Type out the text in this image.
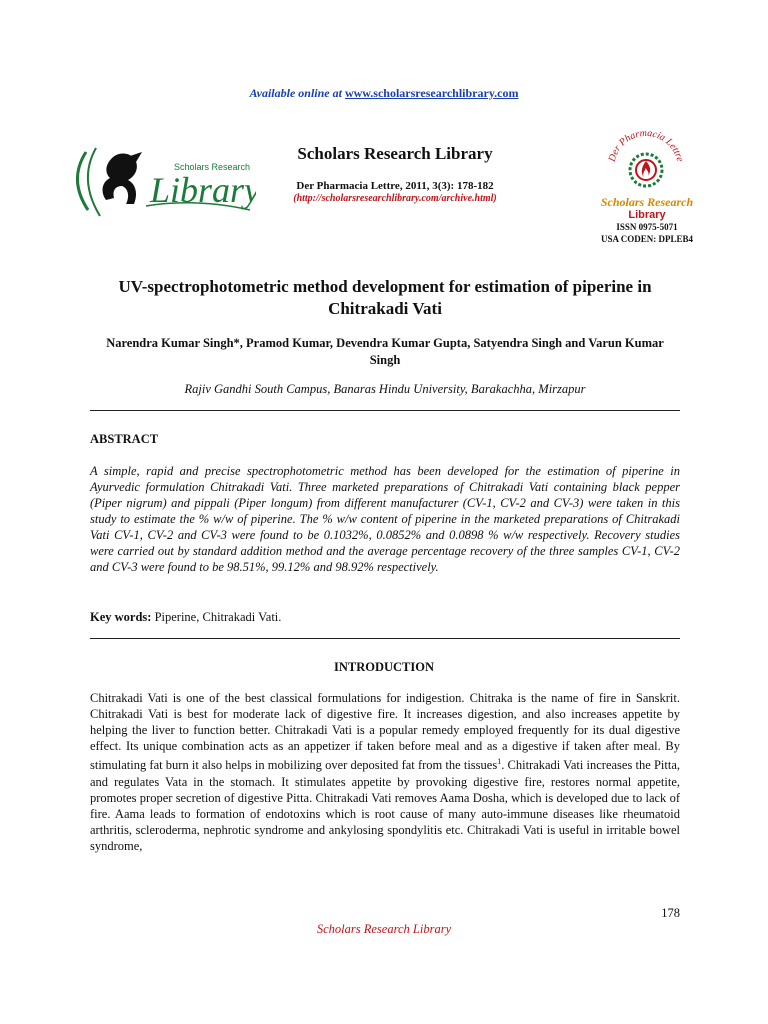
Available online at www.scholarsresearchlibrary.com
Scholars Research
Library
Scholars Research Library
Der Pharmacia Lettre, 2011, 3(3): 178-182
(http://scholarsresearchlibrary.com/archive.html)
Der Pharmacia Lettre
Scholars Research
Library
ISSN 0975-5071
USA CODEN: DPLEB4
UV-spectrophotometric method development for estimation of piperine in Chitrakadi Vati
Narendra Kumar Singh*, Pramod Kumar, Devendra Kumar Gupta, Satyendra Singh and Varun Kumar Singh
Rajiv Gandhi South Campus, Banaras Hindu University, Barakachha, Mirzapur
ABSTRACT
A simple, rapid and precise spectrophotometric method has been developed for the estimation of piperine in Ayurvedic formulation Chitrakadi Vati. Three marketed preparations of Chitrakadi Vati containing black pepper (Piper nigrum) and pippali (Piper longum) from different manufacturer (CV-1, CV-2 and CV-3) were taken in this study to estimate the % w/w of piperine. The % w/w content of piperine in the marketed preparations of Chitrakadi Vati CV-1, CV-2 and CV-3 were found to be 0.1032%, 0.0852% and 0.0898 % w/w respectively. Recovery studies were carried out by standard addition method and the average percentage recovery of the three samples CV-1, CV-2 and CV-3 were found to be 98.51%, 99.12% and 98.92% respectively.
Key words: Piperine, Chitrakadi Vati.
INTRODUCTION
Chitrakadi Vati is one of the best classical formulations for indigestion. Chitraka is the name of fire in Sanskrit. Chitrakadi Vati is best for moderate lack of digestive fire. It increases digestion, and also increases appetite by helping the liver to function better. Chitrakadi Vati is a popular remedy employed frequently for its dual digestive effect. Its unique combination acts as an appetizer if taken before meal and as a digestive if taken after meal. By stimulating fat burn it also helps in mobilizing over deposited fat from the tissues$^1$. Chitrakadi Vati increases the Pitta, and regulates Vata in the stomach. It stimulates appetite by provoking digestive fire, restores normal appetite, promotes proper secretion of digestive Pitta. Chitrakadi Vati removes Aama Dosha, which is developed due to lack of fire. Aama leads to formation of endotoxins which is root cause of many auto-immune diseases like rheumatoid arthritis, scleroderma, nephrotic syndrome and ankylosing spondylitis etc. Chitrakadi Vati is useful in irritable bowel syndrome,
178
Scholars Research Library
